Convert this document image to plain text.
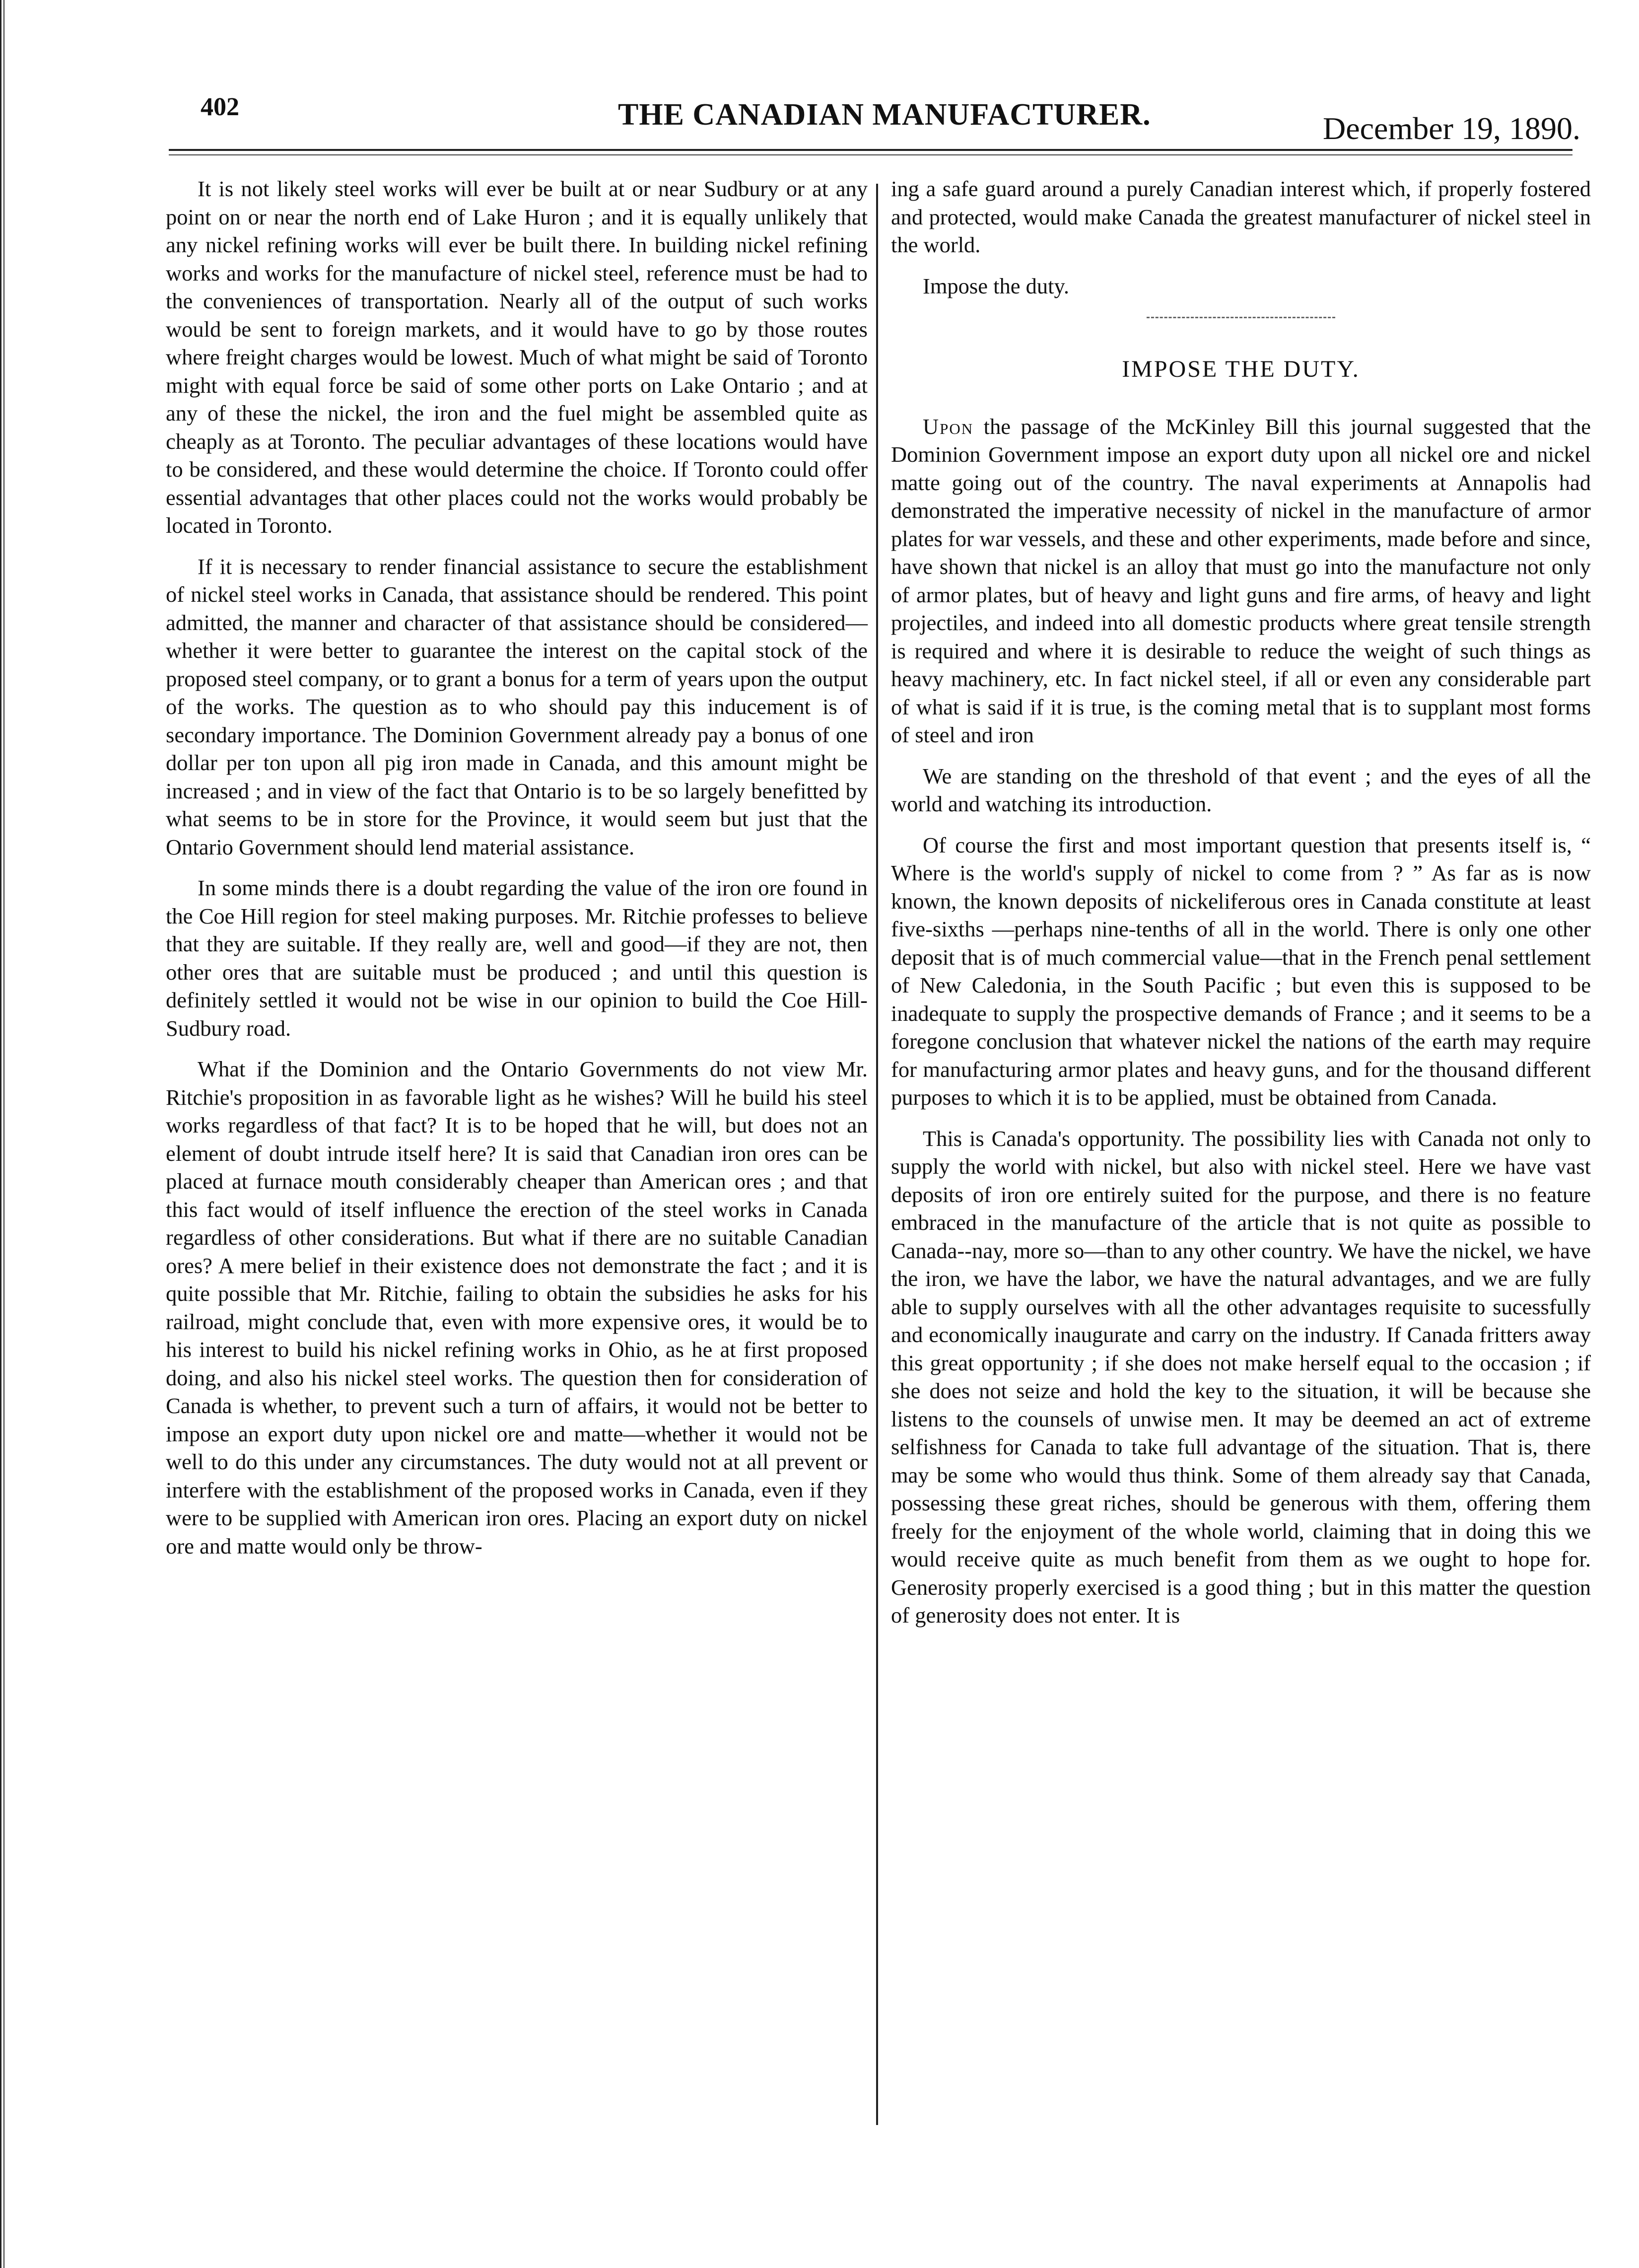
402	THE CANADIAN MANUFACTURER.	December 19, 1890.

It is not likely steel works will ever be built at or near Sudbury or at any point on or near the north end of Lake Huron ; and it is equally unlikely that any nickel refining works will ever be built there. In building nickel refining works and works for the manufacture of nickel steel, reference must be had to the conveniences of transportation. Nearly all of the output of such works would be sent to foreign markets, and it would have to go by those routes where freight charges would be lowest. Much of what might be said of Toronto might with equal force be said of some other ports on Lake Ontario ; and at any of these the nickel, the iron and the fuel might be assembled quite as cheaply as at Toronto. The peculiar advantages of these locations would have to be considered, and these would determine the choice. If Toronto could offer essential advantages that other places could not the works would probably be located in Toronto.

If it is necessary to render financial assistance to secure the establishment of nickel steel works in Canada, that assistance should be rendered. This point admitted, the manner and character of that assistance should be considered—whether it were better to guarantee the interest on the capital stock of the proposed steel company, or to grant a bonus for a term of years upon the output of the works. The question as to who should pay this inducement is of secondary importance. The Dominion Government already pay a bonus of one dollar per ton upon all pig iron made in Canada, and this amount might be increased ; and in view of the fact that Ontario is to be so largely benefitted by what seems to be in store for the Province, it would seem but just that the Ontario Government should lend material assistance.

In some minds there is a doubt regarding the value of the iron ore found in the Coe Hill region for steel making purposes. Mr. Ritchie professes to believe that they are suitable. If they really are, well and good—if they are not, then other ores that are suitable must be produced ; and until this question is definitely settled it would not be wise in our opinion to build the Coe Hill-Sudbury road.

What if the Dominion and the Ontario Governments do not view Mr. Ritchie's proposition in as favorable light as he wishes? Will he build his steel works regardless of that fact? It is to be hoped that he will, but does not an element of doubt intrude itself here? It is said that Canadian iron ores can be placed at furnace mouth considerably cheaper than American ores ; and that this fact would of itself influence the erection of the steel works in Canada regardless of other considerations. But what if there are no suitable Canadian ores? A mere belief in their existence does not demonstrate the fact ; and it is quite possible that Mr. Ritchie, failing to obtain the subsidies he asks for his railroad, might conclude that, even with more expensive ores, it would be to his interest to build his nickel refining works in Ohio, as he at first proposed doing, and also his nickel steel works. The question then for consideration of Canada is whether, to prevent such a turn of affairs, it would not be better to impose an export duty upon nickel ore and matte—whether it would not be well to do this under any circumstances. The duty would not at all prevent or interfere with the establishment of the proposed works in Canada, even if they were to be supplied with American iron ores. Placing an export duty on nickel ore and matte would only be throw-

ing a safe guard around a purely Canadian interest which, if properly fostered and protected, would make Canada the greatest manufacturer of nickel steel in the world.

Impose the duty.

IMPOSE THE DUTY.

Upon the passage of the McKinley Bill this journal suggested that the Dominion Government impose an export duty upon all nickel ore and nickel matte going out of the country. The naval experiments at Annapolis had demonstrated the imperative necessity of nickel in the manufacture of armor plates for war vessels, and these and other experiments, made before and since, have shown that nickel is an alloy that must go into the manufacture not only of armor plates, but of heavy and light guns and fire arms, of heavy and light projectiles, and indeed into all domestic products where great tensile strength is required and where it is desirable to reduce the weight of such things as heavy machinery, etc. In fact nickel steel, if all or even any considerable part of what is said if it is true, is the coming metal that is to supplant most forms of steel and iron

We are standing on the threshold of that event ; and the eyes of all the world and watching its introduction.

Of course the first and most important question that presents itself is, “ Where is the world's supply of nickel to come from ? ” As far as is now known, the known deposits of nickeliferous ores in Canada constitute at least five-sixths —perhaps nine-tenths of all in the world. There is only one other deposit that is of much commercial value—that in the French penal settlement of New Caledonia, in the South Pacific ; but even this is supposed to be inadequate to supply the prospective demands of France ; and it seems to be a foregone conclusion that whatever nickel the nations of the earth may require for manufacturing armor plates and heavy guns, and for the thousand different purposes to which it is to be applied, must be obtained from Canada.

This is Canada's opportunity. The possibility lies with Canada not only to supply the world with nickel, but also with nickel steel. Here we have vast deposits of iron ore entirely suited for the purpose, and there is no feature embraced in the manufacture of the article that is not quite as possible to Canada--nay, more so—than to any other country. We have the nickel, we have the iron, we have the labor, we have the natural advantages, and we are fully able to supply ourselves with all the other advantages requisite to sucessfully and economically inaugurate and carry on the industry. If Canada fritters away this great opportunity ; if she does not make herself equal to the occasion ; if she does not seize and hold the key to the situation, it will be because she listens to the counsels of unwise men. It may be deemed an act of extreme selfishness for Canada to take full advantage of the situation. That is, there may be some who would thus think. Some of them already say that Canada, possessing these great riches, should be generous with them, offering them freely for the enjoyment of the whole world, claiming that in doing this we would receive quite as much benefit from them as we ought to hope for. Generosity properly exercised is a good thing ; but in this matter the question of generosity does not enter. It is
